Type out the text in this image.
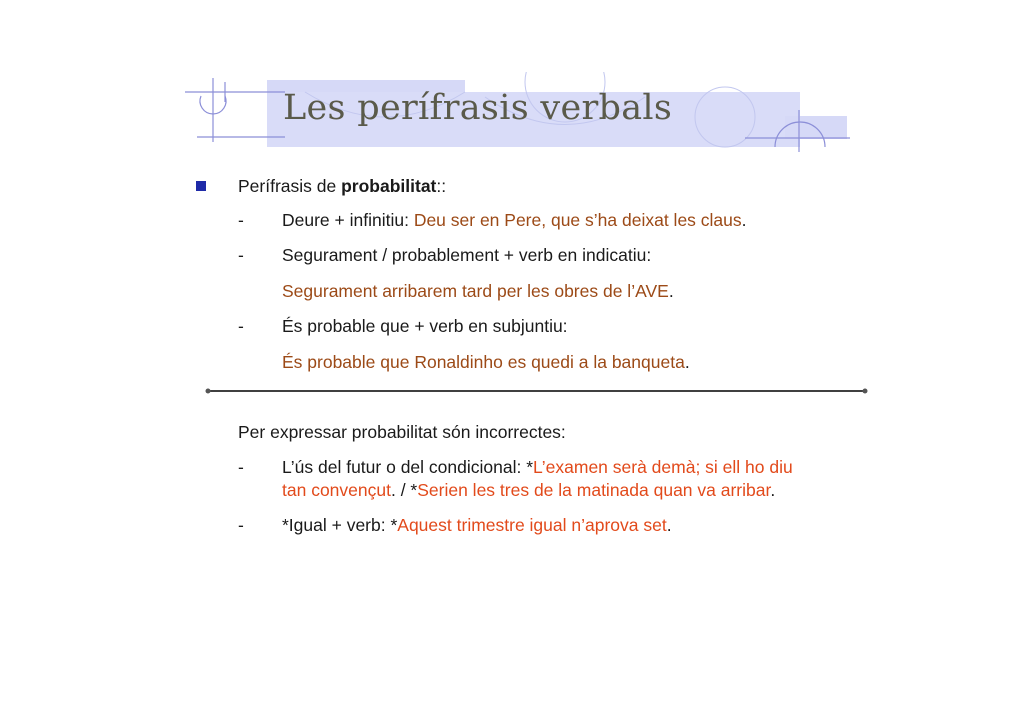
Les perífrasis verbals
Perífrasis de probabilitat::
- Deure + infinitiu: Deu ser en Pere, que s’ha deixat les claus.
- Segurament / probablement + verb en indicatiu:
Segurament arribarem tard per les obres de l’AVE.
- És probable que + verb en subjuntiu:
És probable que Ronaldinho es quedi a la banqueta.
Per expressar probabilitat són incorrectes:
- L’ús del futur o del condicional: *L’examen serà demà; si ell ho diu
tan convençut. / *Serien les tres de la matinada quan va arribar.
- *Igual + verb: *Aquest trimestre igual n’aprova set.
